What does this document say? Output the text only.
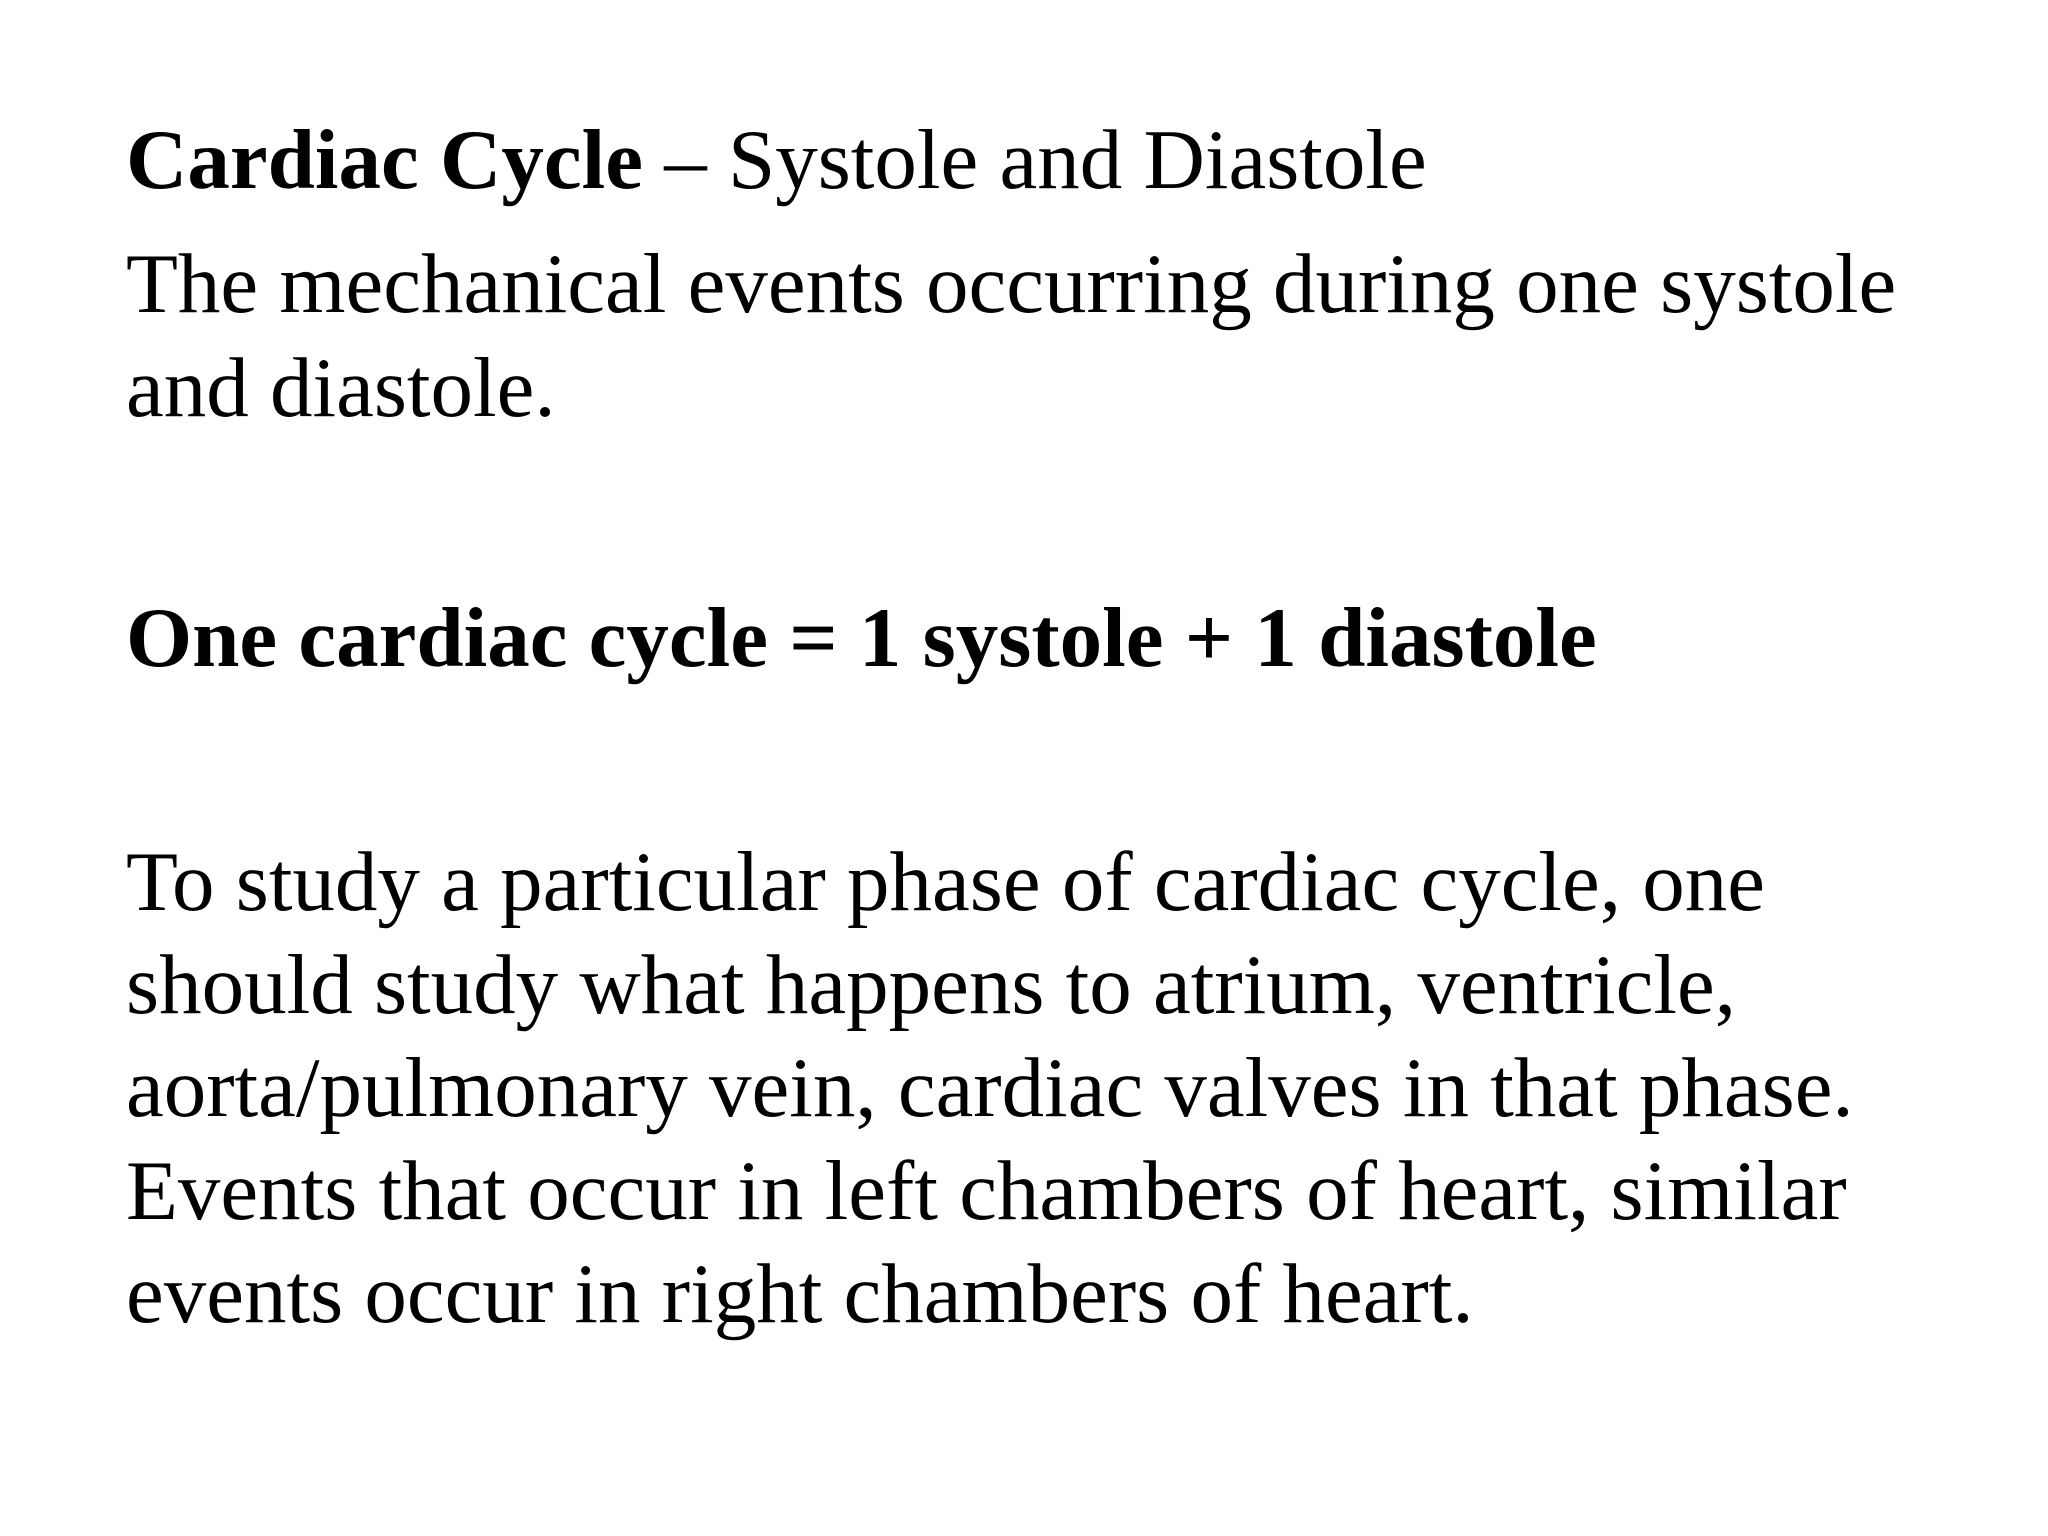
Cardiac Cycle – Systole and Diastole

The mechanical events occurring during one systole
and diastole.

One cardiac cycle = 1 systole + 1 diastole

To study a particular phase of cardiac cycle, one
should study what happens to atrium, ventricle,
aorta/pulmonary vein, cardiac valves in that phase.
Events that occur in left chambers of heart, similar
events occur in right chambers of heart.
